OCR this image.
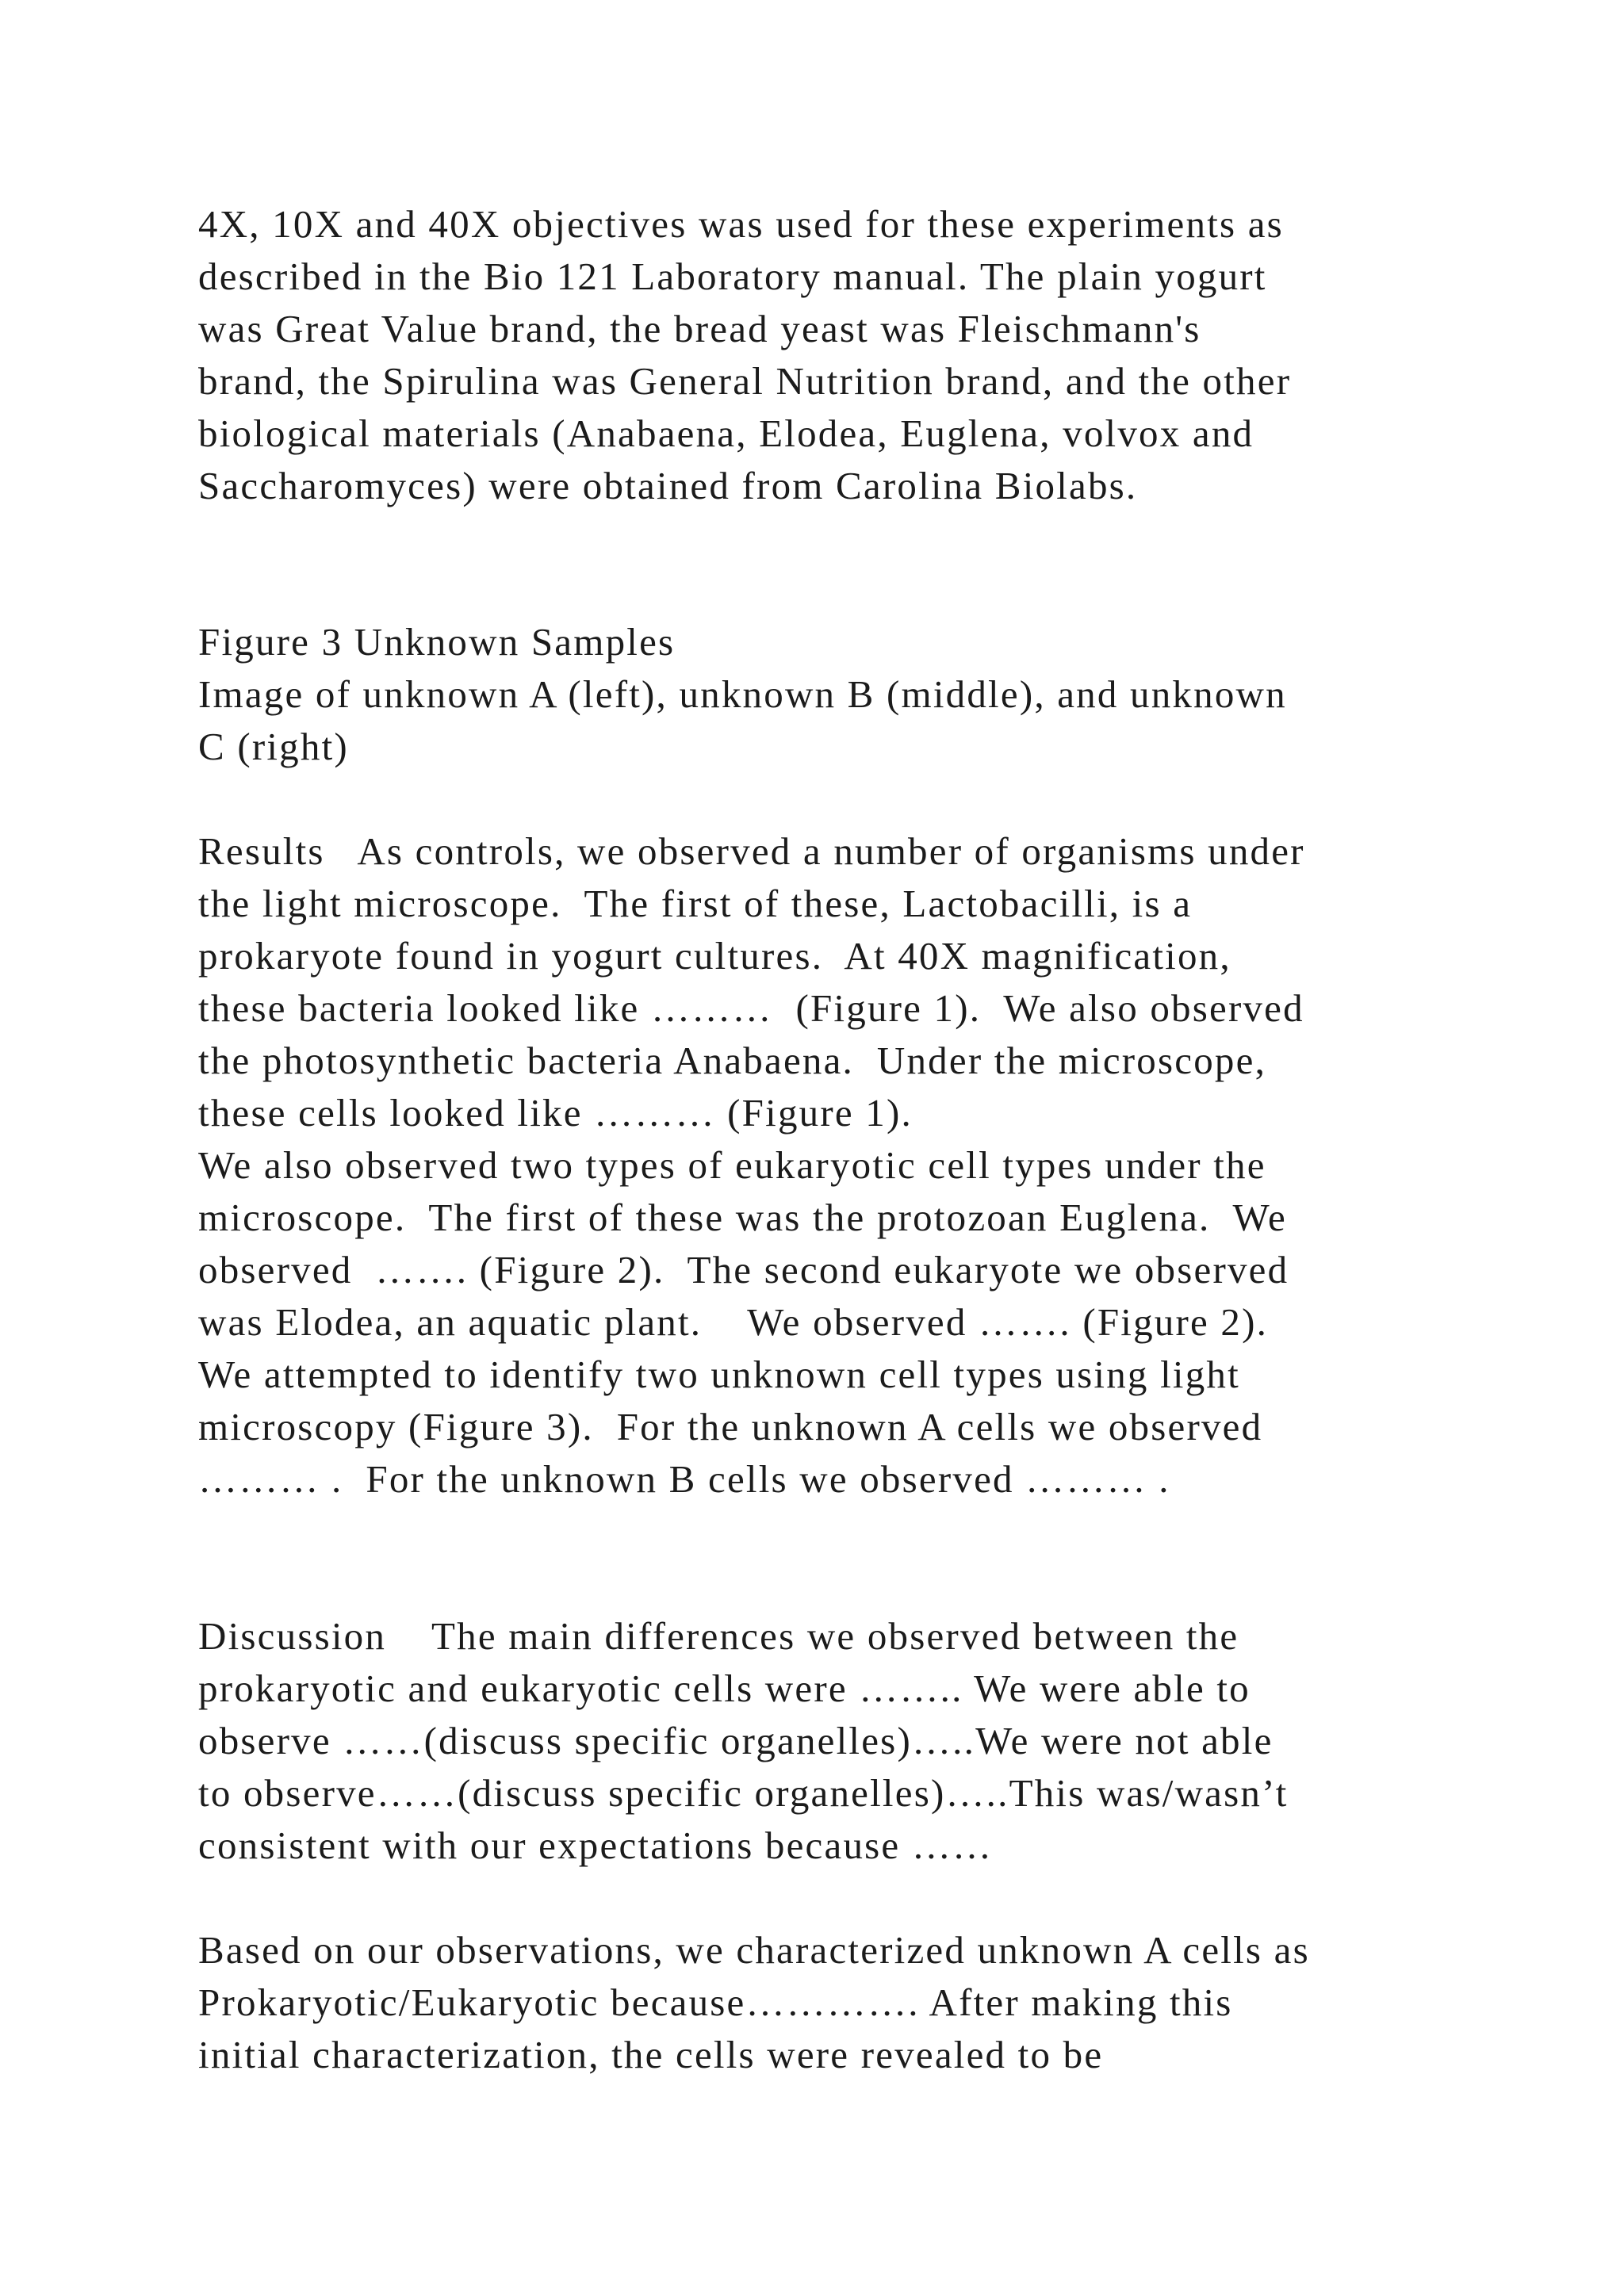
4X, 10X and 40X objectives was used for these experiments as
described in the Bio 121 Laboratory manual. The plain yogurt
was Great Value brand, the bread yeast was Fleischmann's
brand, the Spirulina was General Nutrition brand, and the other
biological materials (Anabaena, Elodea, Euglena, volvox and
Saccharomyces) were obtained from Carolina Biolabs.
Figure 3 Unknown Samples
Image of unknown A (left), unknown B (middle), and unknown
C (right)
Results   As controls, we observed a number of organisms under
the light microscope.  The first of these, Lactobacilli, is a
prokaryote found in yogurt cultures.  At 40X magnification,
these bacteria looked like ………  (Figure 1).  We also observed
the photosynthetic bacteria Anabaena.  Under the microscope,
these cells looked like ……… (Figure 1).
We also observed two types of eukaryotic cell types under the
microscope.  The first of these was the protozoan Euglena.  We
observed  ……. (Figure 2).  The second eukaryote we observed
was Elodea, an aquatic plant.    We observed ……. (Figure 2).
We attempted to identify two unknown cell types using light
microscopy (Figure 3).  For the unknown A cells we observed
……… .  For the unknown B cells we observed ……… .
Discussion    The main differences we observed between the
prokaryotic and eukaryotic cells were …….. We were able to
observe ……(discuss specific organelles)…..We were not able
to observe……(discuss specific organelles)…..This was/wasn’t
consistent with our expectations because ……
Based on our observations, we characterized unknown A cells as
Prokaryotic/Eukaryotic because…………. After making this
initial characterization, the cells were revealed to be
